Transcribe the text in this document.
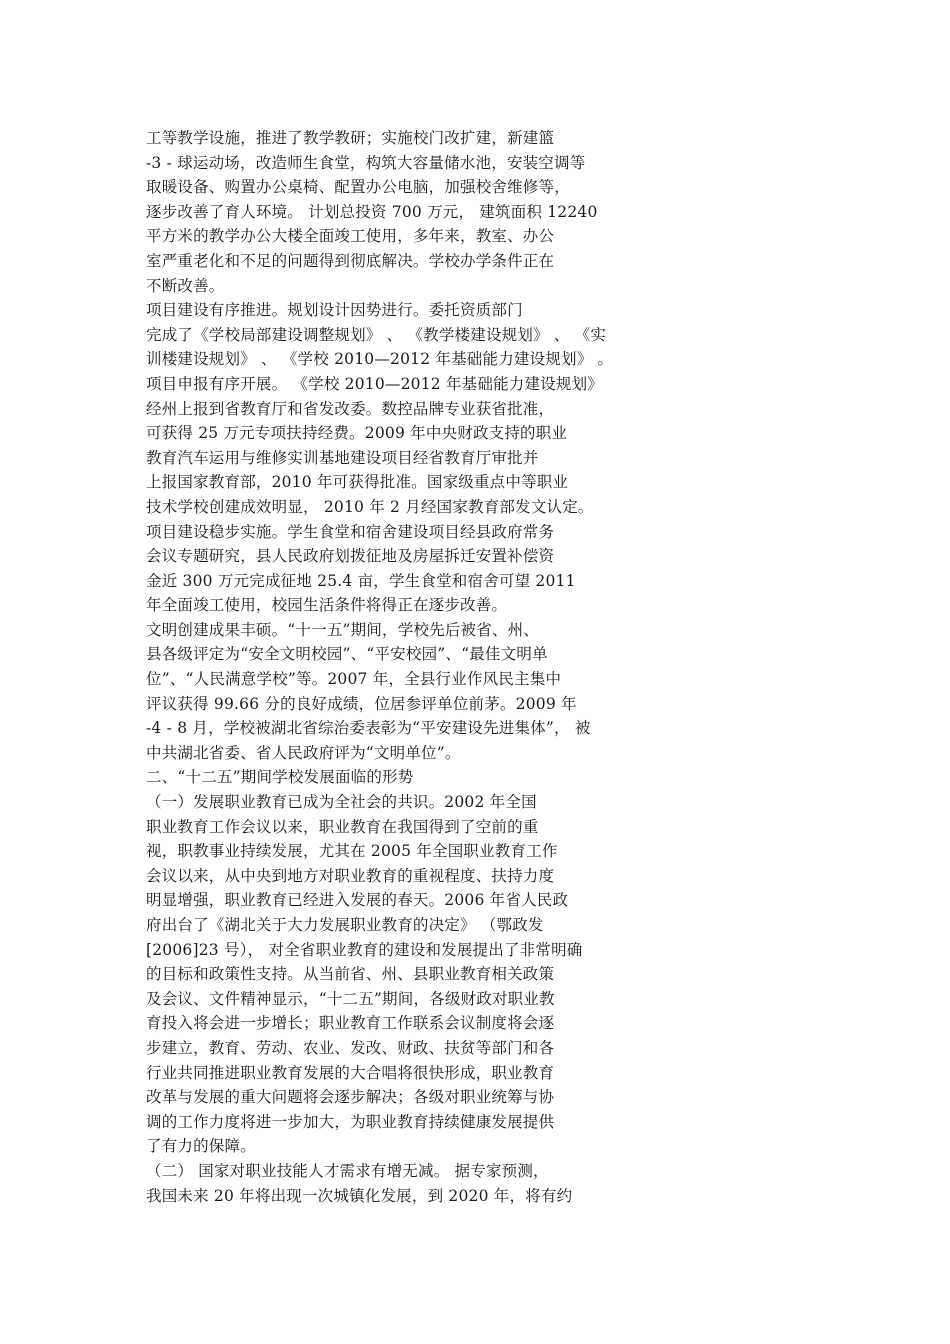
工等教学设施，推进了教学教研；实施校门改扩建，新建篮
-3 - 球运动场，改造师生食堂，构筑大容量储水池，安装空调等
取暖设备、购置办公桌椅、配置办公电脑，加强校舍维修等，
逐步改善了育人环境。 计划总投资 700 万元， 建筑面积 12240
平方米的教学办公大楼全面竣工使用，多年来，教室、办公
室严重老化和不足的问题得到彻底解决。学校办学条件正在
不断改善。
项目建设有序推进。规划设计因势进行。委托资质部门
完成了《学校局部建设调整规划》 、 《教学楼建设规划》 、 《实
训楼建设规划》 、 《学校 2010—2012 年基础能力建设规划》 。
项目申报有序开展。 《学校 2010—2012 年基础能力建设规划》
经州上报到省教育厅和省发改委。数控品牌专业获省批准，
可获得 25 万元专项扶持经费。2009 年中央财政支持的职业
教育汽车运用与维修实训基地建设项目经省教育厅审批并
上报国家教育部，2010 年可获得批准。国家级重点中等职业
技术学校创建成效明显， 2010 年 2 月经国家教育部发文认定。
项目建设稳步实施。学生食堂和宿舍建设项目经县政府常务
会议专题研究，县人民政府划拨征地及房屋拆迁安置补偿资
金近 300 万元完成征地 25.4 亩，学生食堂和宿舍可望 2011
年全面竣工使用，校园生活条件将得正在逐步改善。
文明创建成果丰硕。“十一五”期间，学校先后被省、州、
县各级评定为“安全文明校园”、“平安校园”、“最佳文明单
位”、“人民满意学校”等。2007 年，全县行业作风民主集中
评议获得 99.66 分的良好成绩，位居参评单位前茅。2009 年
-4 - 8 月，学校被湖北省综治委表彰为“平安建设先进集体”， 被
中共湖北省委、省人民政府评为“文明单位”。
二、“十二五”期间学校发展面临的形势
（一）发展职业教育已成为全社会的共识。2002 年全国
职业教育工作会议以来，职业教育在我国得到了空前的重
视，职教事业持续发展，尤其在 2005 年全国职业教育工作
会议以来，从中央到地方对职业教育的重视程度、扶持力度
明显增强，职业教育已经进入发展的春天。2006 年省人民政
府出台了《湖北关于大力发展职业教育的决定》 （鄂政发
[2006]23 号）， 对全省职业教育的建设和发展提出了非常明确
的目标和政策性支持。从当前省、州、县职业教育相关政策
及会议、文件精神显示，“十二五”期间，各级财政对职业教
育投入将会进一步增长；职业教育工作联系会议制度将会逐
步建立，教育、劳动、农业、发改、财政、扶贫等部门和各
行业共同推进职业教育发展的大合唱将很快形成，职业教育
改革与发展的重大问题将会逐步解决；各级对职业统筹与协
调的工作力度将进一步加大，为职业教育持续健康发展提供
了有力的保障。
（二） 国家对职业技能人才需求有增无减。 据专家预测，
我国未来 20 年将出现一次城镇化发展，到 2020 年，将有约
